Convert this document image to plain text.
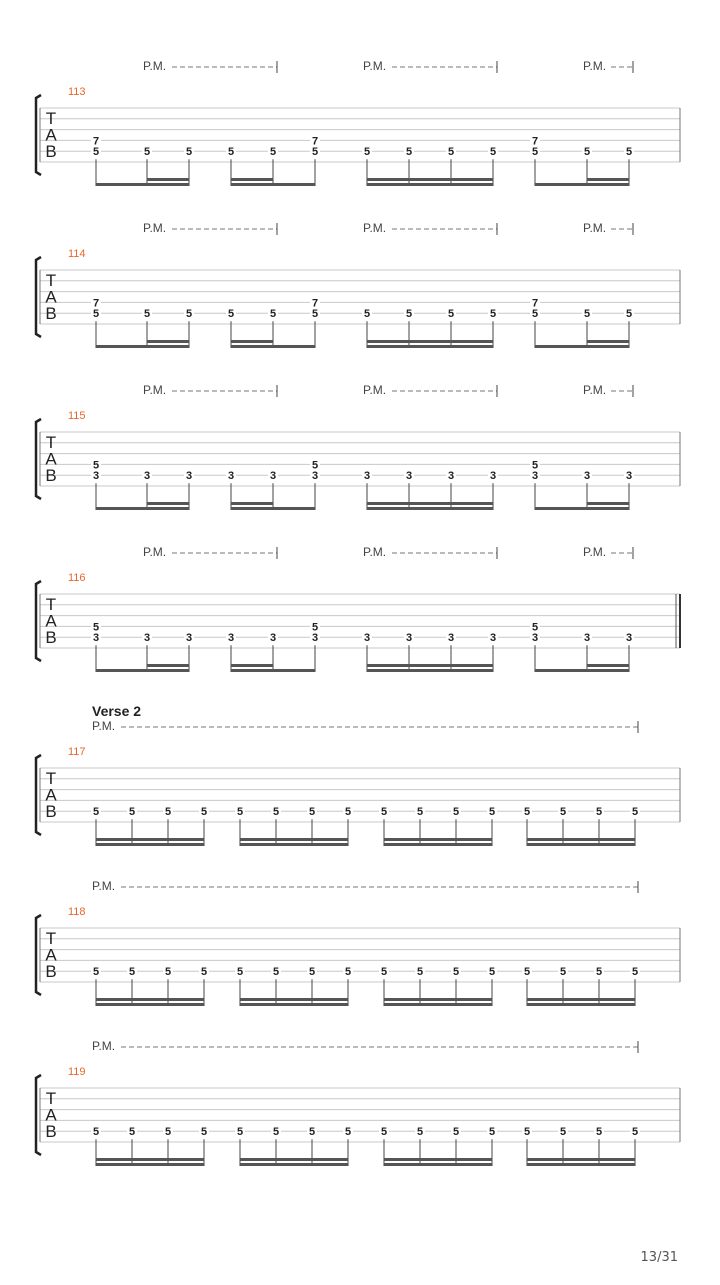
T
A
B
113
P.M.	P.M.	P.M.
5
7
5	5	5	5	5
7
5	5	5	5	5
7
5	5
T
A
B
114
P.M.	P.M.	P.M.
5
7
5	5	5	5	5
7
5	5	5	5	5
7
5	5
T
A
B
115
P.M.	P.M.	P.M.
3
5
3	3	3	3	3
5
3	3	3	3	3
5
3	3
T
A
B
116
P.M.	P.M.	P.M.
3
5
3	3	3	3	3
5
3	3	3	3	3
5
3	3
T
A
B
117
P.M.
5	5	5	5	5	5	5	5	5	5	5	5	5	5	5	5
T
A
B
118
P.M.
5	5	5	5	5	5	5	5	5	5	5	5	5	5	5	5
T
A
B
119
P.M.
5	5	5	5	5	5	5	5	5	5	5	5	5	5	5	5
Verse 2
13/31
